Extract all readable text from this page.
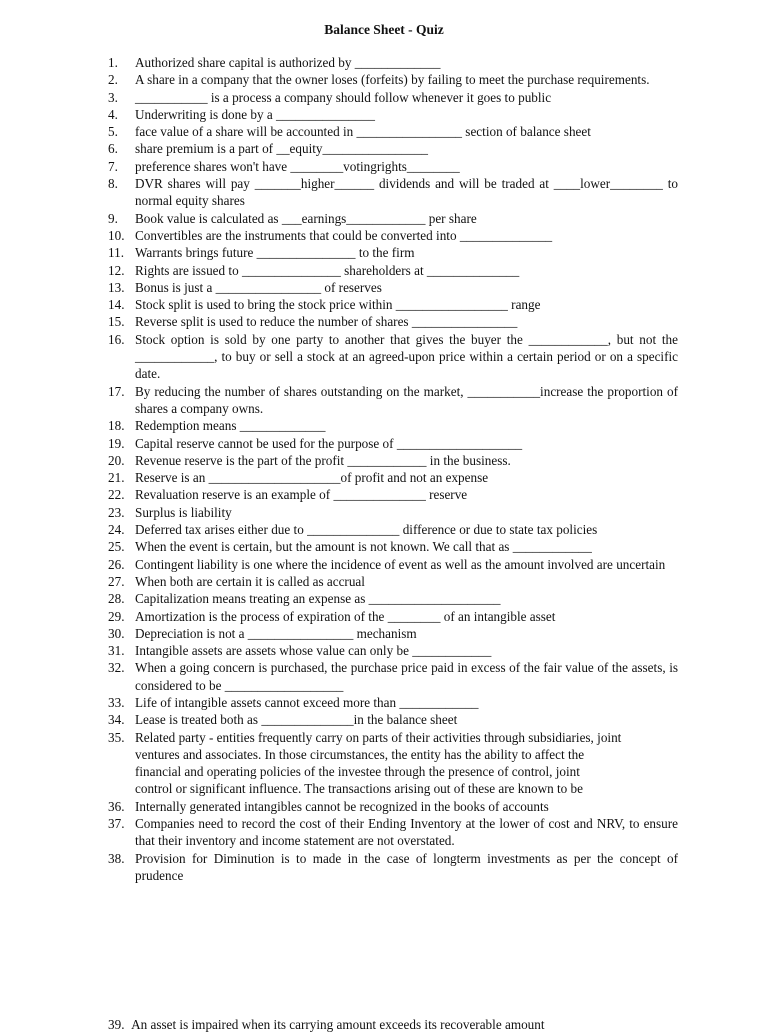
Balance Sheet - Quiz
1.	Authorized share capital is authorized by _____________
2.	A share in a company that the owner loses (forfeits) by failing to meet the purchase requirements.
3.	___________ is a process a company should follow whenever it goes to public
4.	Underwriting is done by a _______________
5.	face value of a share will be accounted in ________________ section of balance sheet
6.	share premium is a part of __equity________________
7.	preference shares won't have ________votingrights________
8.	DVR shares will pay _______higher______ dividends and will be traded at ____lower________ to normal equity shares
9.	Book value is calculated as ___earnings____________ per share
10. Convertibles are the instruments that could be converted into ______________
11. Warrants brings future _______________ to the firm
12. Rights are issued to _______________ shareholders at ______________
13. Bonus is just a ________________ of reserves
14. Stock split is used to bring the stock price within _________________ range
15. Reverse split is used to reduce the number of shares ________________
16. Stock option is sold by one party to another that gives the buyer the ____________, but not the ____________, to buy or sell a stock at an agreed-upon price within a certain period or on a specific date.
17. By reducing the number of shares outstanding on the market, ___________increase the proportion of shares a company owns.
18. Redemption means _____________
19. Capital reserve cannot be used for the purpose of ___________________
20. Revenue reserve is the part of the profit ____________ in the business.
21. Reserve is an ____________________of profit and not an expense
22. Revaluation reserve is an example of ______________ reserve
23. Surplus is liability
24. Deferred tax arises either due to ______________ difference or due to state tax policies
25. When the event is certain, but the amount is not known. We call that as ____________
26. Contingent liability is one where the incidence of event as well as the amount involved are uncertain
27. When both are certain it is called as accrual
28. Capitalization means treating an expense as ____________________
29. Amortization is the process of expiration of the ________ of an intangible asset
30. Depreciation is not a ________________ mechanism
31. Intangible assets are assets whose value can only be ____________
32. When a going concern is purchased, the purchase price paid in excess of the fair value of the assets, is considered to be __________________
33. Life of intangible assets cannot exceed more than ____________
34. Lease is treated both as ______________in the balance sheet
35. Related party - entities frequently carry on parts of their activities through subsidiaries, joint
ventures and associates. In those circumstances, the entity has the ability to affect the
financial and operating policies of the investee through the presence of control, joint
control or significant influence. The transactions arising out of these are known to be
36. Internally generated intangibles cannot be recognized in the books of accounts
37. Companies need to record the cost of their Ending Inventory at the lower of cost and NRV, to ensure that their inventory and income statement are not overstated.
38. Provision for Diminution is to made in the case of longterm investments as per the concept of prudence
39. An asset is impaired when its carrying amount exceeds its recoverable amount
